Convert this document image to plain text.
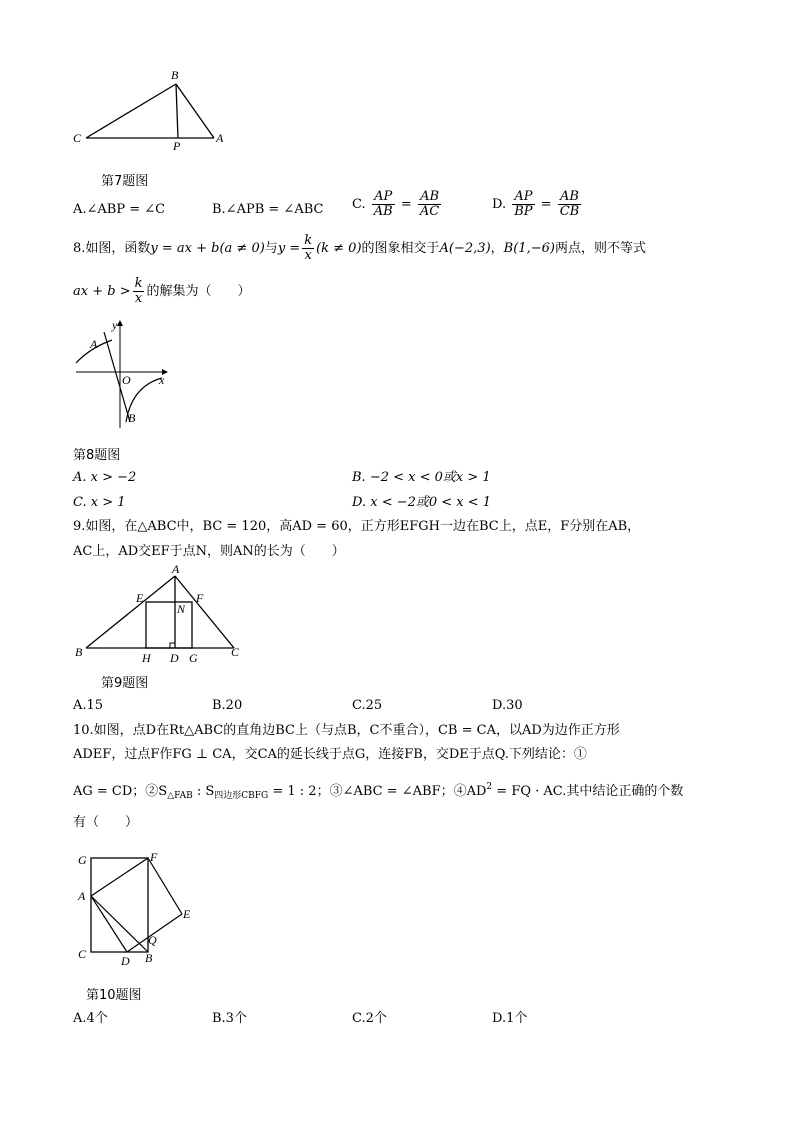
B
C	A
P
第7题图
A.∠ABP = ∠C	B.∠APB = ∠ABC C. $\frac{AP}{AB} = \frac{AB}{AC}$	D. $\frac{AP}{BP} = \frac{AB}{CB}$
8.如图，函数y = ax + b(a ≠ 0)与$y = \frac{k}{x} (k \ne 0)$的图象相交于A(−2,3)，B(1,−6)两点，则不等式
ax + $b > \frac{k}{x}$ 的解集为（　　）
y
A
O x
B
第8题图
A. x > −2	B. −2 < x < 0或x > 1
C. x > 1	D. x < −2或0 < x < 1
9.如图，在△ABC中，BC = 120，高AD = 60，正方形EFGH一边在BC上，点E，F分别在AB，
AC上，AD交EF于点N，则AN的长为（　　）
A
E	F
N
B	H D G	C
第9题图
A.15	B.20	C.25	D.30
10.如图，点D在Rt△ABC的直角边BC上（与点B，C不重合），CB = CA，以AD为边作正方形
ADEF，过点F作FG ⊥ CA，交CA的延长线于点G，连接FB，交DE于点Q.下列结论：①
AG = CD；$②S_{\triangle FAB}$ : $S_{四边形CBFG} = 1$ : 2；③∠ABC = ∠ABF；$④AD^2$ = FQ · AC.其中结论正确的个数
有（　　）
G	F
A
E
Q
C	D B
第10题图
A.4个	B.3个	C.2个	D.1个
